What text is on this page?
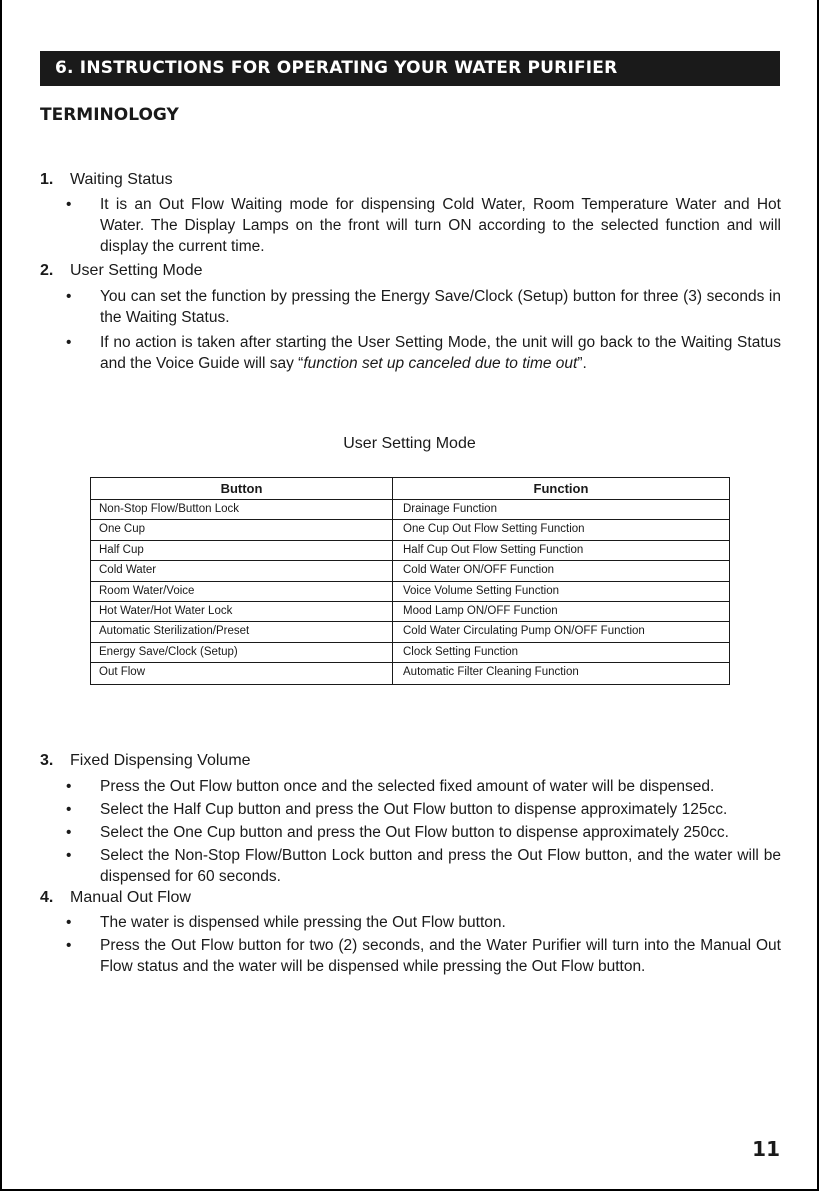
6. INSTRUCTIONS FOR OPERATING YOUR WATER PURIFIER
TERMINOLOGY
1. Waiting Status
• It is an Out Flow Waiting mode for dispensing Cold Water, Room Temperature Water and Hot Water. The Display Lamps on the front will turn ON according to the selected function and will display the current time.
2. User Setting Mode
• You can set the function by pressing the Energy Save/Clock (Setup) button for three (3) seconds in the Waiting Status.
• If no action is taken after starting the User Setting Mode, the unit will go back to the Waiting Status and the Voice Guide will say “function set up canceled due to time out”.
User Setting Mode
Button	Function
Non-Stop Flow/Button Lock	Drainage Function
One Cup	One Cup Out Flow Setting Function
Half Cup	Half Cup Out Flow Setting Function
Cold Water	Cold Water ON/OFF Function
Room Water/Voice	Voice Volume Setting Function
Hot Water/Hot Water Lock	Mood Lamp ON/OFF Function
Automatic Sterilization/Preset	Cold Water Circulating Pump ON/OFF Function
Energy Save/Clock (Setup)	Clock Setting Function
Out Flow	Automatic Filter Cleaning Function
3. Fixed Dispensing Volume
• Press the Out Flow button once and the selected fixed amount of water will be dispensed.
• Select the Half Cup button and press the Out Flow button to dispense approximately 125cc.
• Select the One Cup button and press the Out Flow button to dispense approximately 250cc.
• Select the Non-Stop Flow/Button Lock button and press the Out Flow button, and the water will be dispensed for 60 seconds.
4. Manual Out Flow
• The water is dispensed while pressing the Out Flow button.
• Press the Out Flow button for two (2) seconds, and the Water Purifier will turn into the Manual Out Flow status and the water will be dispensed while pressing the Out Flow button.
11
